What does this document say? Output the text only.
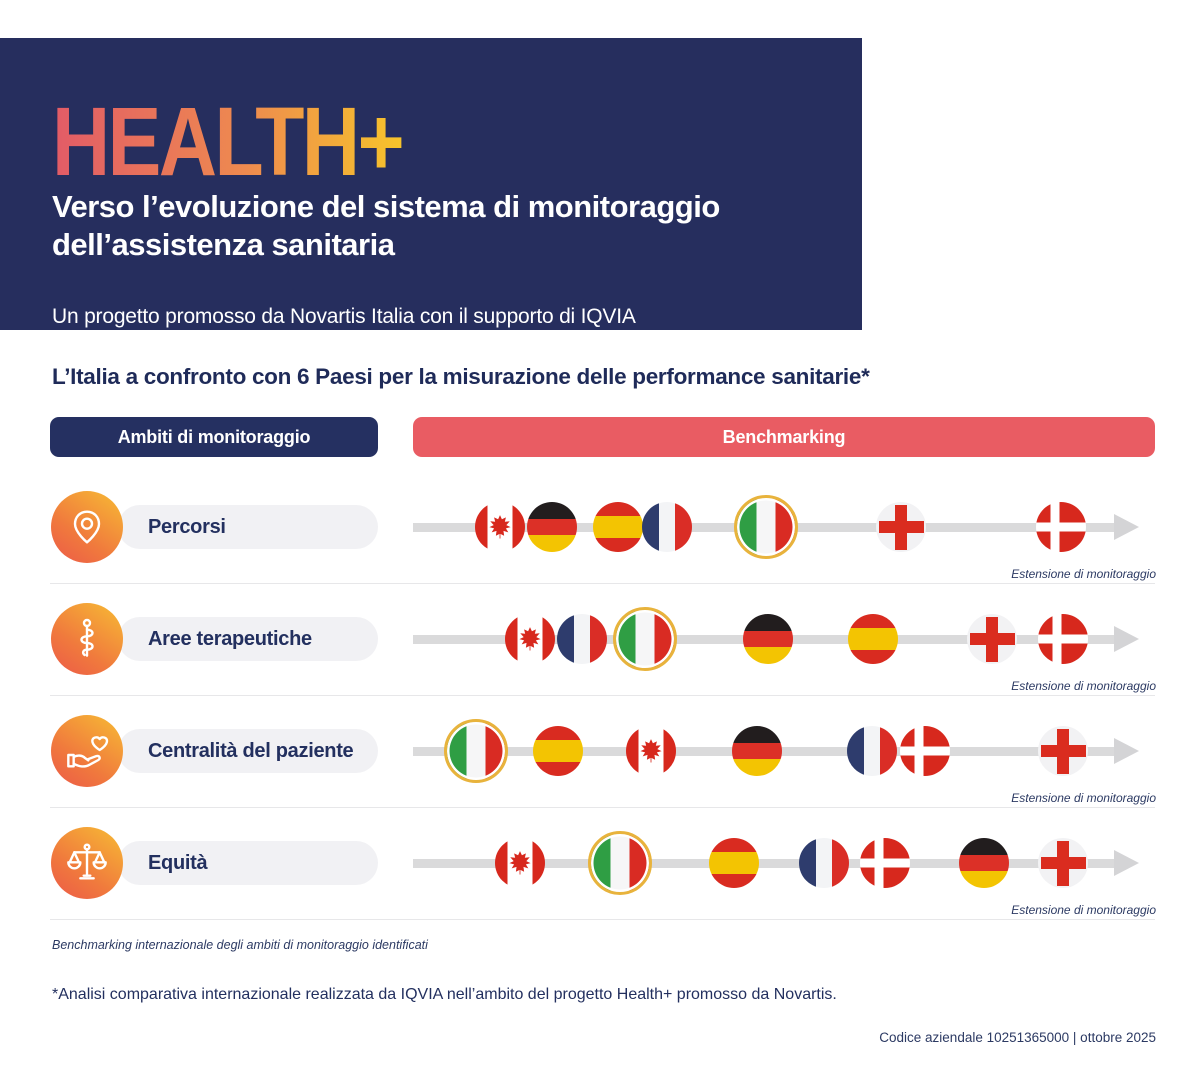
HEALTH+
Verso l’evoluzione del sistema di monitoraggio dell’assistenza sanitaria
Un progetto promosso da Novartis Italia con il supporto di IQVIA
L’Italia a confronto con 6 Paesi per la misurazione delle performance sanitarie*
Ambiti di monitoraggio	Benchmarking
Percorsi
Estensione di monitoraggio
Aree terapeutiche
Estensione di monitoraggio
Centralità del paziente
Estensione di monitoraggio
Equità
Estensione di monitoraggio
Benchmarking internazionale degli ambiti di monitoraggio identificati
*Analisi comparativa internazionale realizzata da IQVIA nell’ambito del progetto Health+ promosso da Novartis.
Codice aziendale 10251365000 | ottobre 2025
